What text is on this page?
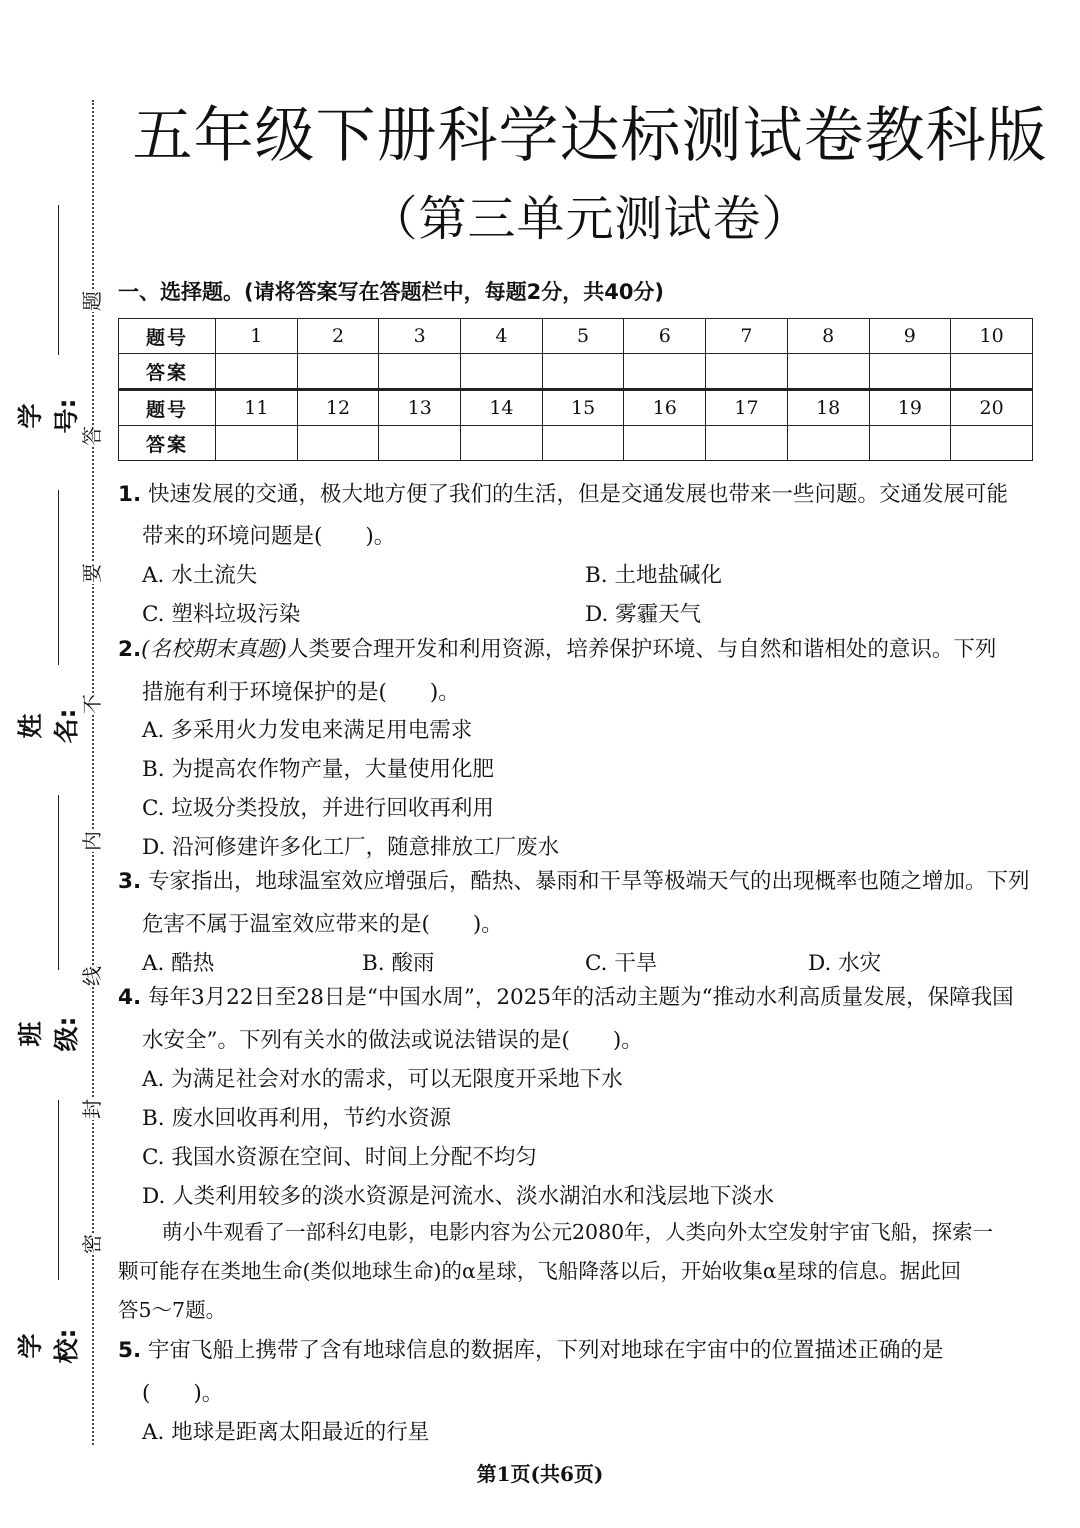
题
答
要
不
内
线
封
密
学号:
姓名:
班级:
学校:
五年级下册科学达标测试卷教科版
（第三单元测试卷）
一、选择题。(请将答案写在答题栏中，每题2分，共40分)
题号	1	2	3	4	5	6	7	8	9	10
答案										
题号	11	12	13	14	15	16	17	18	19	20
答案										
1. 快速发展的交通，极大地方便了我们的生活，但是交通发展也带来一些问题。交通发展可能
带来的环境问题是(　　)。
A. 水土流失	B. 土地盐碱化
C. 塑料垃圾污染	D. 雾霾天气
2.(名校期末真题)人类要合理开发和利用资源，培养保护环境、与自然和谐相处的意识。下列
措施有利于环境保护的是(　　)。
A. 多采用火力发电来满足用电需求
B. 为提高农作物产量，大量使用化肥
C. 垃圾分类投放，并进行回收再利用
D. 沿河修建许多化工厂，随意排放工厂废水
3. 专家指出，地球温室效应增强后，酷热、暴雨和干旱等极端天气的出现概率也随之增加。下列
危害不属于温室效应带来的是(　　)。
A. 酷热	B. 酸雨	C. 干旱	D. 水灾
4. 每年3月22日至28日是“中国水周”，2025年的活动主题为“推动水利高质量发展，保障我国
水安全”。下列有关水的做法或说法错误的是(　　)。
A. 为满足社会对水的需求，可以无限度开采地下水
B. 废水回收再利用，节约水资源
C. 我国水资源在空间、时间上分配不均匀
D. 人类利用较多的淡水资源是河流水、淡水湖泊水和浅层地下淡水
萌小牛观看了一部科幻电影，电影内容为公元2080年，人类向外太空发射宇宙飞船，探索一
颗可能存在类地生命(类似地球生命)的α星球，飞船降落以后，开始收集α星球的信息。据此回
答5～7题。
5. 宇宙飞船上携带了含有地球信息的数据库，下列对地球在宇宙中的位置描述正确的是
(　　)。
A. 地球是距离太阳最近的行星
第1页(共6页)
